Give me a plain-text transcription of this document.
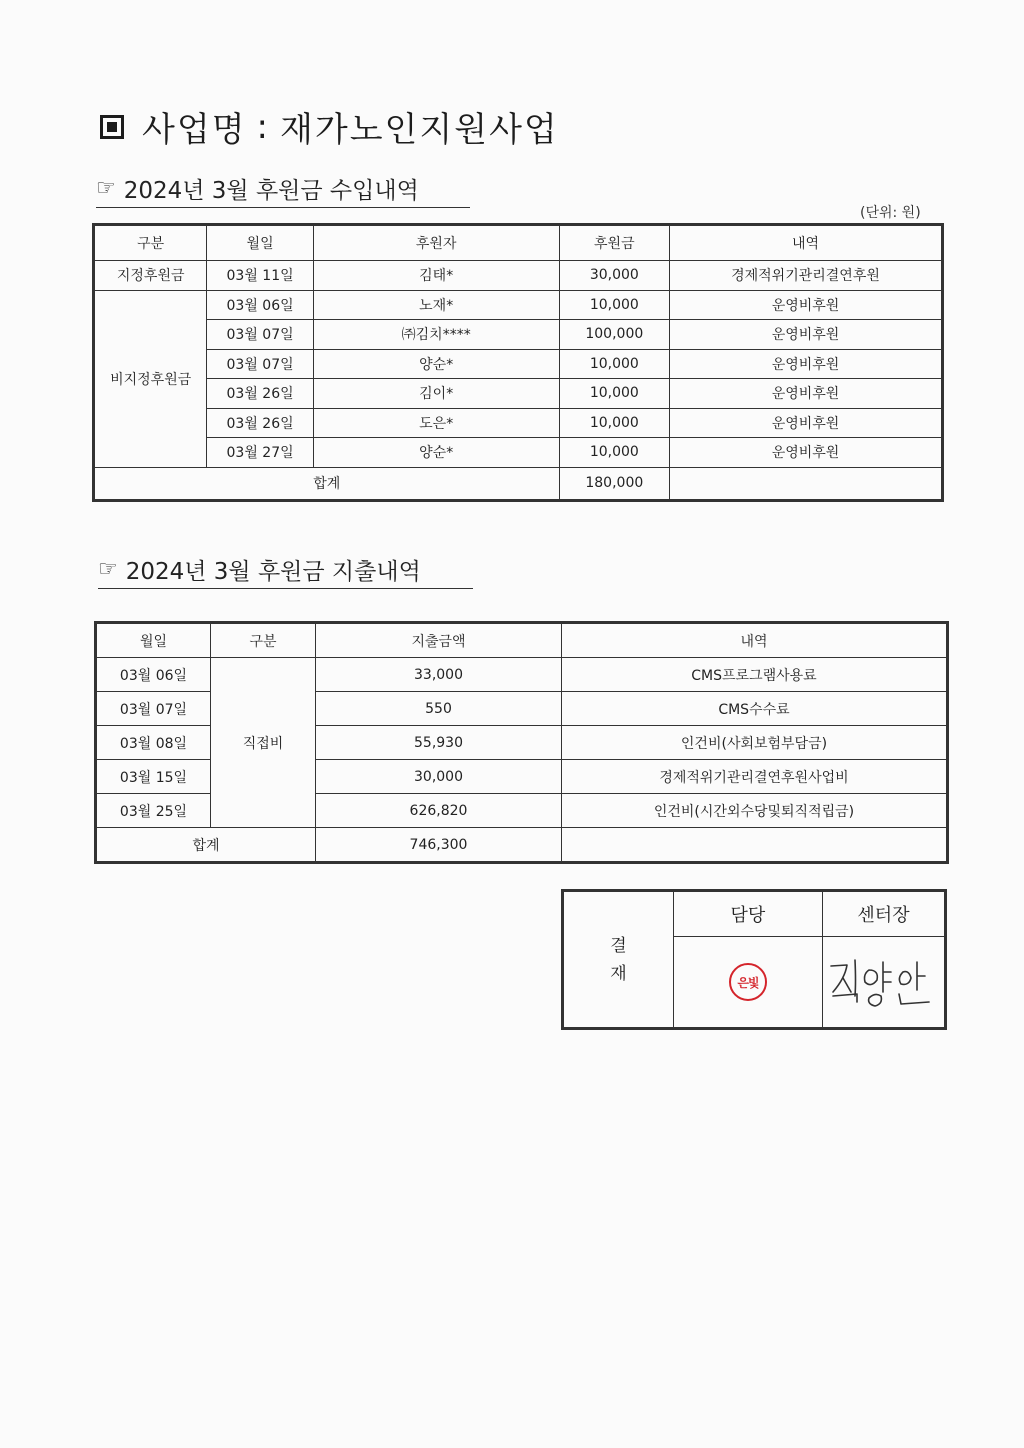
사업명 : 재가노인지원사업
☞ 2024년 3월 후원금 수입내역
(단위: 원)
구분	월일	후원자	후원금	내역
지정후원금	03월 11일	김태*	30,000	경제적위기관리결연후원
비지정후원금	03월 06일	노재*	10,000	운영비후원
	03월 07일	㈜김치****	100,000	운영비후원
	03월 07일	양순*	10,000	운영비후원
	03월 26일	김이*	10,000	운영비후원
	03월 26일	도은*	10,000	운영비후원
	03월 27일	양순*	10,000	운영비후원
합계			180,000	
☞ 2024년 3월 후원금 지출내역
월일	구분	지출금액	내역
03월 06일	직접비	33,000	CMS프로그램사용료
03월 07일		550	CMS수수료
03월 08일		55,930	인건비(사회보험부담금)
03월 15일		30,000	경제적위기관리결연후원사업비
03월 25일		626,820	인건비(시간외수당및퇴직적립금)
합계		746,300	
결
재	담당	센터장
	은빛	
